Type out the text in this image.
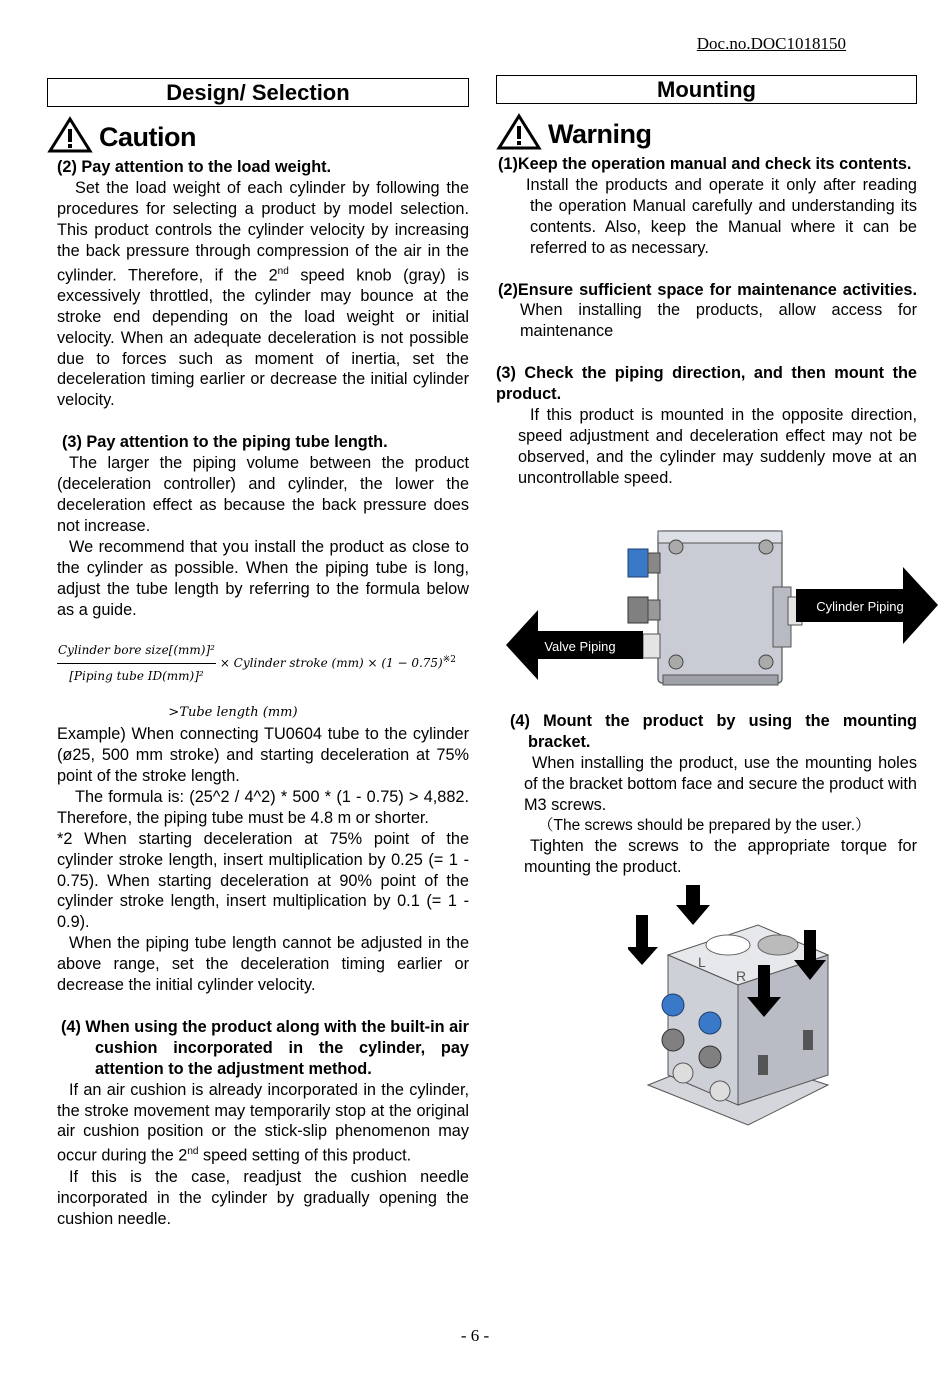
Doc.no.DOC1018150
Design/ Selection
Caution

(2) Pay attention to the load weight.

Set the load weight of each cylinder by following the procedures for selecting a product by model selection. This product controls the cylinder velocity by increasing the back pressure through compression of the air in the cylinder. Therefore, if the 2nd speed knob (gray) is excessively throttled, the cylinder may bounce at the stroke end depending on the load weight or initial velocity. When an adequate deceleration is not possible due to forces such as moment of inertia, set the deceleration timing earlier or decrease the initial cylinder velocity.

(3) Pay attention to the piping tube length.

The larger the piping volume between the product (deceleration controller) and cylinder, the lower the deceleration effect as because the back pressure does not increase.

We recommend that you install the product as close to the cylinder as possible. When the piping tube is long, adjust the tube length by referring to the formula below as a guide.

$\frac{\text{Cylinder bore size[(mm)]²}}{\text{[Piping tube ID(mm)]²}}$ × Cylinder stroke $(mm) \times (1 - 0.75)^{※2}$
>Tube length (mm)

Example) When connecting TU0604 tube to the cylinder (ø25, 500 mm stroke) and starting deceleration at 75% point of the stroke length.

The formula is: (25^2 / 4^2) * 500 * (1 - 0.75) > 4,882. Therefore, the piping tube must be 4.8 m or shorter.

*2 When starting deceleration at 75% point of the cylinder stroke length, insert multiplication by 0.25 (= 1 - 0.75). When starting deceleration at 90% point of the cylinder stroke length, insert multiplication by 0.1 (= 1 - 0.9).

When the piping tube length cannot be adjusted in the above range, set the deceleration timing earlier or decrease the initial cylinder velocity.

(4) When using the product along with the built-in air cushion incorporated in the cylinder, pay attention to the adjustment method.

If an air cushion is already incorporated in the cylinder, the stroke movement may temporarily stop at the original air cushion position or the stick-slip phenomenon may occur during the 2nd speed setting of this product.

If this is the case, readjust the cushion needle incorporated in the cylinder by gradually opening the cushion needle.

Mounting
Warning

(1)Keep the operation manual and check its contents.

Install the products and operate it only after reading the operation Manual carefully and understanding its contents. Also, keep the Manual where it can be referred to as necessary.

(2)Ensure sufficient space for maintenance activities. When installing the products, allow access for maintenance

(3) Check the piping direction, and then mount the product.

If this product is mounted in the opposite direction, speed adjustment and deceleration effect may not be observed, and the cylinder may suddenly move at an uncontrollable speed.

Valve Piping
Cylinder Piping

(4) Mount the product by using the mounting bracket.

When installing the product, use the mounting holes of the bracket bottom face and secure the product with M3 screws.

（The screws should be prepared by the user.）

Tighten the screws to the appropriate torque for mounting the product.

L
R
- 6 -
